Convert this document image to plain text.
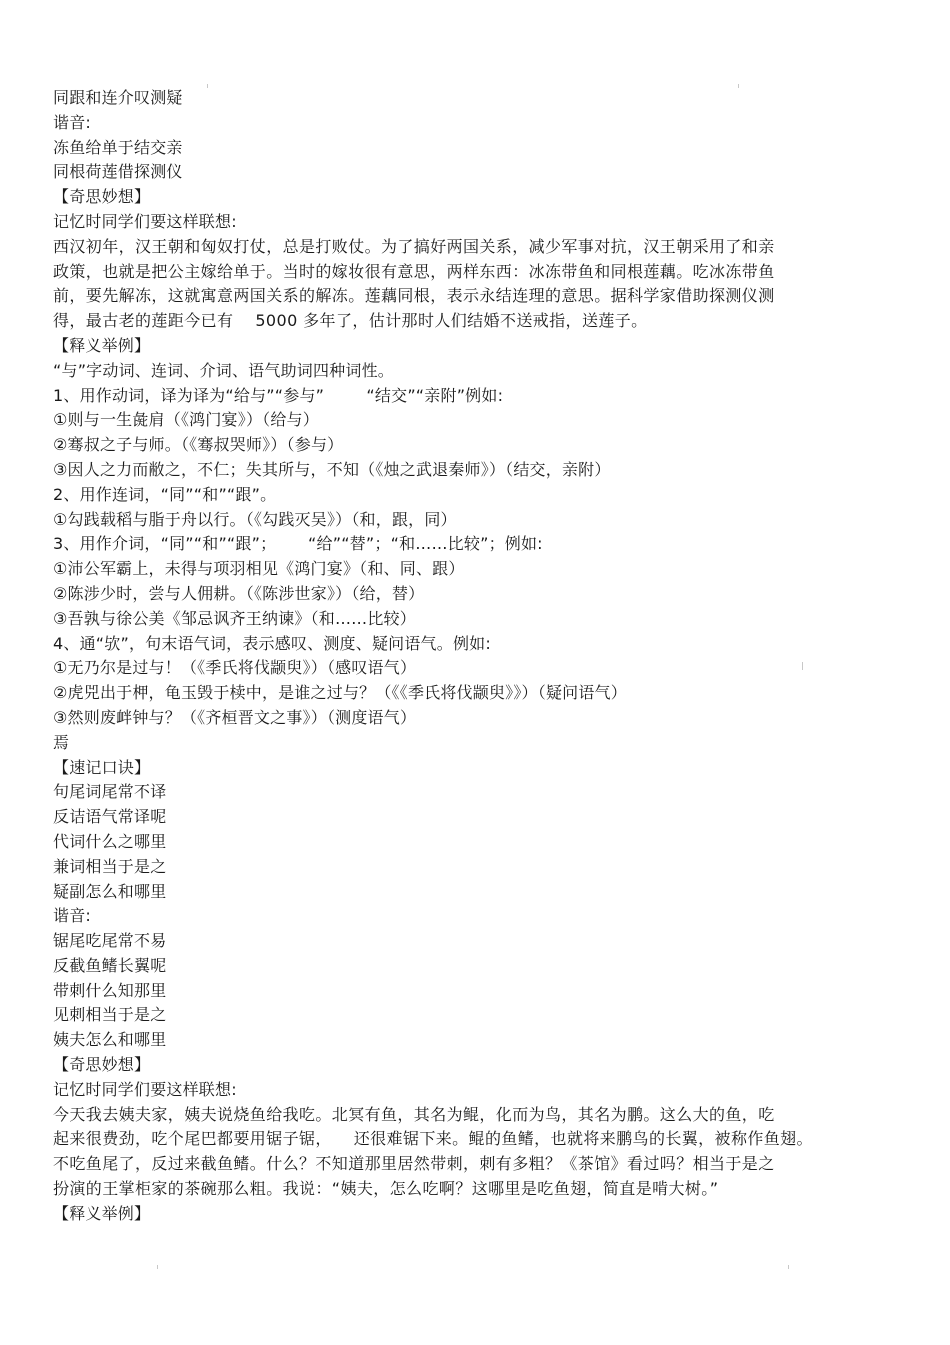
同跟和连介叹测疑
谐音:
冻鱼给单于结交亲
同根荷莲借探测仪
【奇思妙想】
记忆时同学们要这样联想:
西汉初年，汉王朝和匈奴打仗，总是打败仗。为了搞好两国关系，减少军事对抗，汉王朝采用了和亲
政策，也就是把公主嫁给单于。当时的嫁妆很有意思，两样东西：冰冻带鱼和同根莲藕。吃冰冻带鱼
前，要先解冻，这就寓意两国关系的解冻。莲藕同根，表示永结连理的意思。据科学家借助探测仪测
得，最古老的莲距今已有    5000 多年了，估计那时人们结婚不送戒指，送莲子。
【释义举例】
“与”字动词、连词、介词、语气助词四种词性。
1、用作动词，译为译为“给与”“参与”        “结交”“亲附”例如:
①则与一生彘肩（《鸿门宴》）（给与）
②骞叔之子与师。（《骞叔哭师》）（参与）
③因人之力而敝之，不仁；失其所与，不知（《烛之武退秦师》）（结交，亲附）
2、用作连词，“同”“和”“跟”。
①勾践载稻与脂于舟以行。（《勾践灭吴》）（和，跟，同）
3、用作介词，“同”“和”“跟”；      “给”“替”；“和……比较”；例如:
①沛公军霸上，未得与项羽相见《鸿门宴》（和、同、跟）
②陈涉少时，尝与人佣耕。（《陈涉世家》）（给，替）
③吾孰与徐公美《邹忌讽齐王纳谏》（和……比较）
4、通“欤”，句末语气词，表示感叹、测度、疑问语气。例如:
①无乃尔是过与！（《季氏将伐颛臾》）（感叹语气）
②虎兕出于柙，龟玉毁于椟中，是谁之过与？（《《季氏将伐颛臾》》）（疑问语气）
③然则废衅钟与？（《齐桓晋文之事》）（测度语气）
焉
【速记口诀】
句尾词尾常不译
反诘语气常译呢
代词什么之哪里
兼词相当于是之
疑副怎么和哪里
谐音:
锯尾吃尾常不易
反截鱼鳍长翼呢
带刺什么知那里
见刺相当于是之
姨夫怎么和哪里
【奇思妙想】
记忆时同学们要这样联想:
今天我去姨夫家，姨夫说烧鱼给我吃。北冥有鱼，其名为鲲，化而为鸟，其名为鹏。这么大的鱼，吃
起来很费劲，吃个尾巴都要用锯子锯，    还很难锯下来。鲲的鱼鳍，也就将来鹏鸟的长翼，被称作鱼翅。
不吃鱼尾了，反过来截鱼鳍。什么？不知道那里居然带刺，刺有多粗？《茶馆》看过吗？相当于是之
扮演的王掌柜家的茶碗那么粗。我说：“姨夫，怎么吃啊？这哪里是吃鱼翅，简直是啃大树。”
【释义举例】
